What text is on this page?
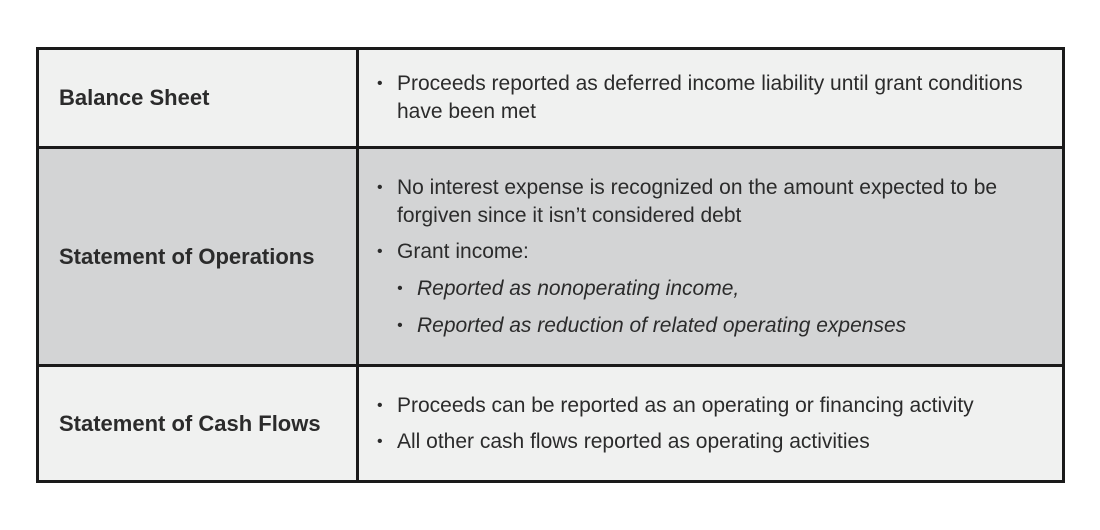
Balance Sheet
• Proceeds reported as deferred income liability until grant conditions have been met
Statement of Operations
• No interest expense is recognized on the amount expected to be forgiven since it isn’t considered debt
• Grant income:
• Reported as nonoperating income,
• Reported as reduction of related operating expenses
Statement of Cash Flows
• Proceeds can be reported as an operating or financing activity
• All other cash flows reported as operating activities
